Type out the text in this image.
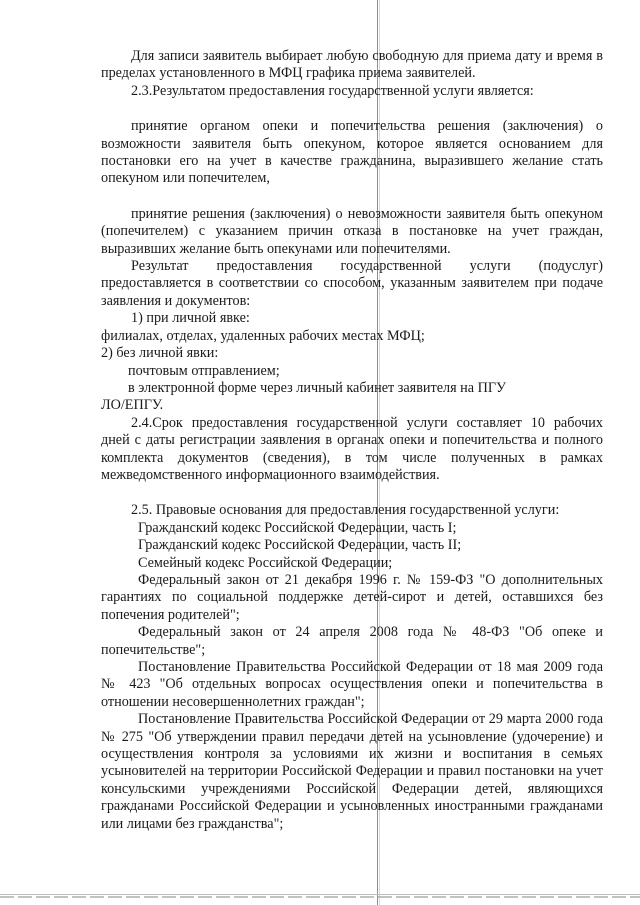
Для записи заявитель выбирает любую свободную для приема дату и время в пределах установленного в МФЦ графика приема заявителей.

2.3.Результатом предоставления государственной услуги является:

принятие органом опеки и попечительства решения (заключения) о возможности заявителя быть опекуном, которое является основанием для постановки его на учет в качестве гражданина, выразившего желание стать опекуном или попечителем,

принятие решения (заключения) о невозможности заявителя быть опекуном (попечителем) с указанием причин отказа в постановке на учет граждан, выразивших желание быть опекунами или попечителями.

Результат предоставления государственной услуги (подуслуг) предоставляется в соответствии со способом, указанным заявителем при подаче заявления и документов:

1) при личной явке:

филиалах, отделах, удаленных рабочих местах МФЦ;

2) без личной явки:

почтовым отправлением;

в электронной форме через личный кабинет заявителя на ПГУ

ЛО/ЕПГУ.

2.4.Срок предоставления государственной услуги составляет 10 рабочих дней с даты регистрации заявления в органах опеки и попечительства и полного комплекта документов (сведения), в том числе полученных в рамках межведомственного информационного взаимодействия.

2.5. Правовые основания для предоставления государственной услуги:

Гражданский кодекс Российской Федерации, часть I;

Гражданский кодекс Российской Федерации, часть II;

Семейный кодекс Российской Федерации;

Федеральный закон от 21 декабря 1996 г. № 159-ФЗ "О дополнительных гарантиях по социальной поддержке детей-сирот и детей, оставшихся без попечения родителей";

Федеральный закон от 24 апреля 2008 года № 48-ФЗ "Об опеке и попечительстве";

Постановление Правительства Российской Федерации от 18 мая 2009 года № 423 "Об отдельных вопросах осуществления опеки и попечительства в отношении несовершеннолетних граждан";

Постановление Правительства Российской Федерации от 29 марта 2000 года № 275 "Об утверждении правил передачи детей на усыновление (удочерение) и осуществления контроля за условиями их жизни и воспитания в семьях усыновителей на территории Российской Федерации и правил постановки на учет консульскими учреждениями Российской Федерации детей, являющихся гражданами Российской Федерации и усыновленных иностранными гражданами или лицами без гражданства";
